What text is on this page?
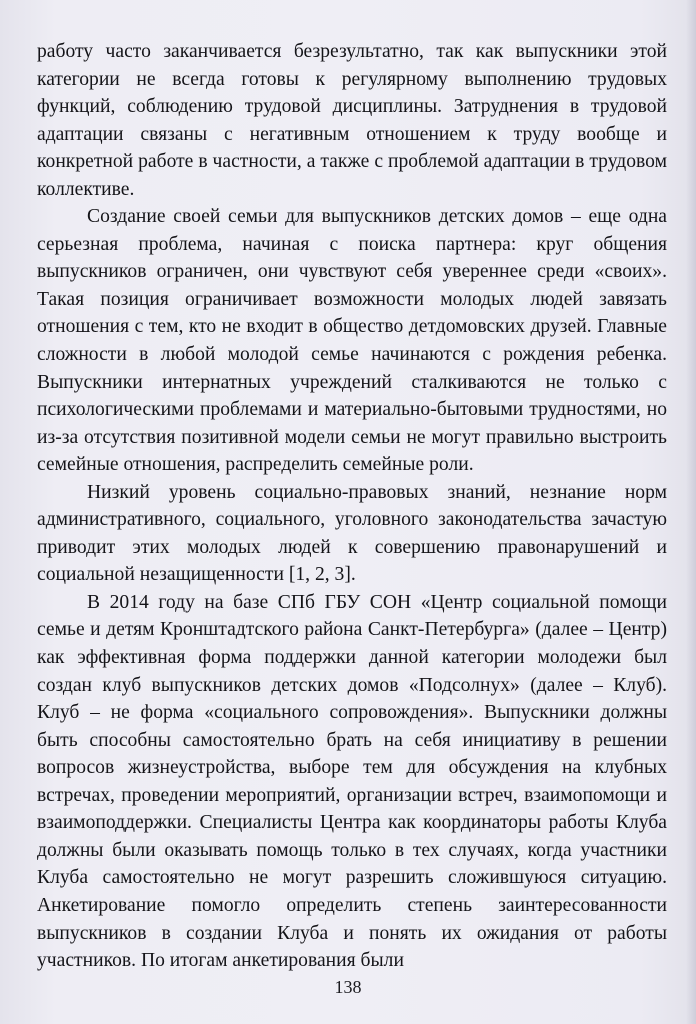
работу часто заканчивается безрезультатно, так как выпускники этой категории не всегда готовы к регулярному выполнению трудовых функций, соблюдению трудовой дисциплины. Затруднения в трудовой адаптации связаны с негативным отношением к труду вообще и конкретной работе в частности, а также с проблемой адаптации в трудовом коллективе.

Создание своей семьи для выпускников детских домов – еще одна серьезная проблема, начиная с поиска партнера: круг общения выпускников ограничен, они чувствуют себя увереннее среди «своих». Такая позиция ограничивает возможности молодых людей завязать отношения с тем, кто не входит в общество детдомовских друзей. Главные сложности в любой молодой семье начинаются с рождения ребенка. Выпускники интернатных учреждений сталкиваются не только с психологическими проблемами и материально-бытовыми трудностями, но из-за отсутствия позитивной модели семьи не могут правильно выстроить семейные отношения, распределить семейные роли.

Низкий уровень социально-правовых знаний, незнание норм административного, социального, уголовного законодательства зачастую приводит этих молодых людей к совершению правонарушений и социальной незащищенности [1, 2, 3].

В 2014 году на базе СПб ГБУ СОН «Центр социальной помощи семье и детям Кронштадтского района Санкт-Петербурга» (далее – Центр) как эффективная форма поддержки данной категории молодежи был создан клуб выпускников детских домов «Подсолнух» (далее – Клуб). Клуб – не форма «социального сопровождения». Выпускники должны быть способны самостоятельно брать на себя инициативу в решении вопросов жизнеустройства, выборе тем для обсуждения на клубных встречах, проведении мероприятий, организации встреч, взаимопомощи и взаимоподдержки. Специалисты Центра как координаторы работы Клуба должны были оказывать помощь только в тех случаях, когда участники Клуба самостоятельно не могут разрешить сложившуюся ситуацию. Анкетирование помогло определить степень заинтересованности выпускников в создании Клуба и понять их ожидания от работы участников. По итогам анкетирования были

138
